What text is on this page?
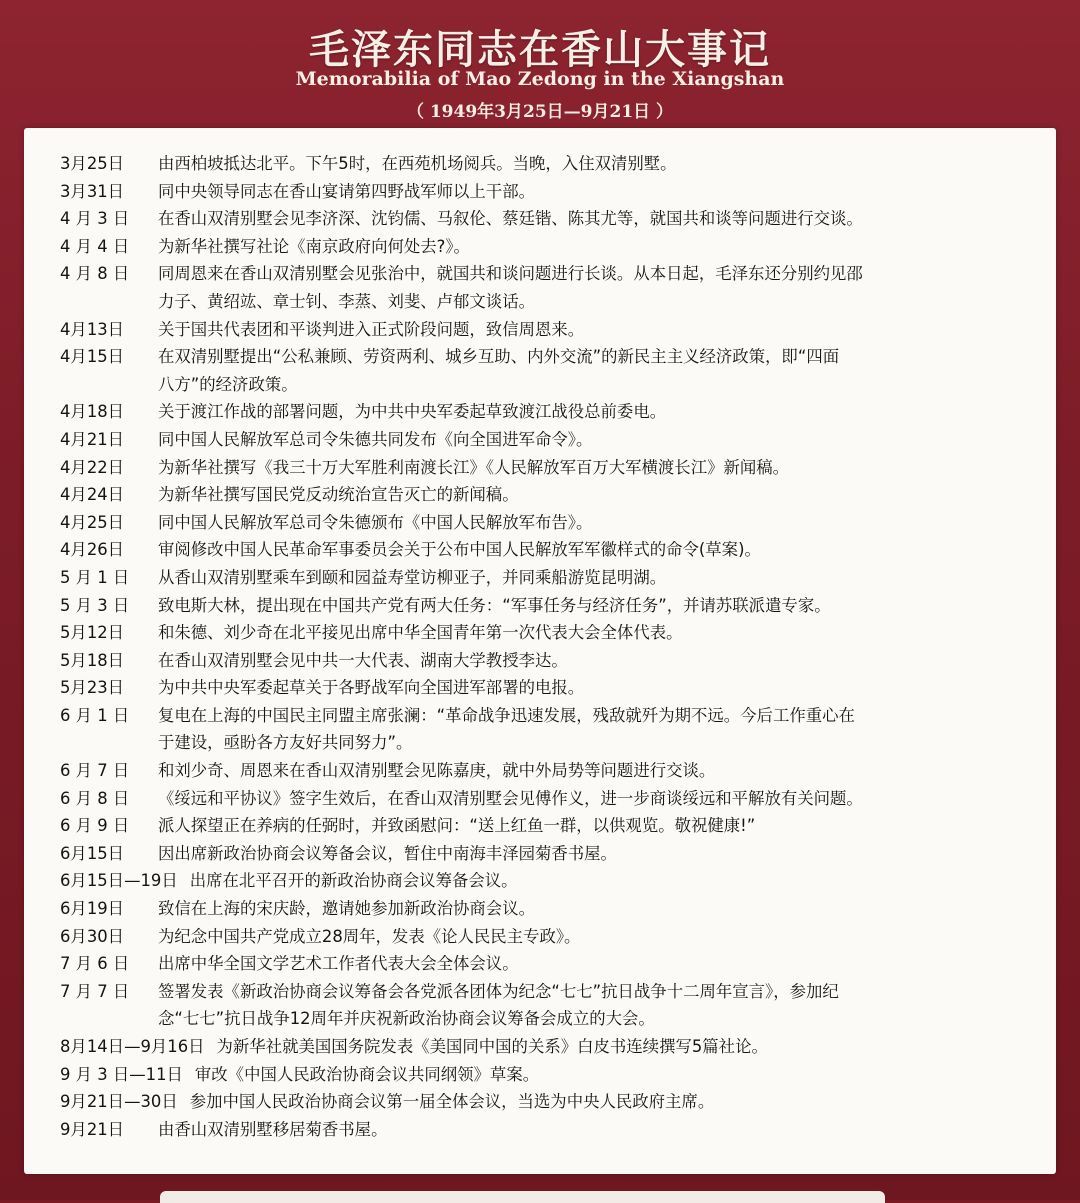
毛泽东同志在香山大事记
Memorabilia of Mao Zedong in the Xiangshan
（ 1949年3月25日—9月21日 ）
3月25日 由西柏坡抵达北平。下午5时，在西苑机场阅兵。当晚，入住双清别墅。
3月31日 同中央领导同志在香山宴请第四野战军师以上干部。
4 月 3 日 在香山双清别墅会见李济深、沈钧儒、马叙伦、蔡廷锴、陈其尤等，就国共和谈等问题进行交谈。
4 月 4 日 为新华社撰写社论《南京政府向何处去?》。
4 月 8 日 同周恩来在香山双清别墅会见张治中，就国共和谈问题进行长谈。从本日起，毛泽东还分别约见邵
力子、黄绍竑、章士钊、李蒸、刘斐、卢郁文谈话。
4月13日 关于国共代表团和平谈判进入正式阶段问题，致信周恩来。
4月15日 在双清别墅提出“公私兼顾、劳资两利、城乡互助、内外交流”的新民主主义经济政策，即“四面
八方”的经济政策。
4月18日 关于渡江作战的部署问题，为中共中央军委起草致渡江战役总前委电。
4月21日 同中国人民解放军总司令朱德共同发布《向全国进军命令》。
4月22日 为新华社撰写《我三十万大军胜利南渡长江》《人民解放军百万大军横渡长江》新闻稿。
4月24日 为新华社撰写国民党反动统治宣告灭亡的新闻稿。
4月25日 同中国人民解放军总司令朱德颁布《中国人民解放军布告》。
4月26日 审阅修改中国人民革命军事委员会关于公布中国人民解放军军徽样式的命令(草案)。
5 月 1 日 从香山双清别墅乘车到颐和园益寿堂访柳亚子，并同乘船游览昆明湖。
5 月 3 日 致电斯大林，提出现在中国共产党有两大任务：“军事任务与经济任务”，并请苏联派遣专家。
5月12日 和朱德、刘少奇在北平接见出席中华全国青年第一次代表大会全体代表。
5月18日 在香山双清别墅会见中共一大代表、湖南大学教授李达。
5月23日 为中共中央军委起草关于各野战军向全国进军部署的电报。
6 月 1 日 复电在上海的中国民主同盟主席张澜：“革命战争迅速发展，残敌就歼为期不远。今后工作重心在
于建设，亟盼各方友好共同努力”。
6 月 7 日 和刘少奇、周恩来在香山双清别墅会见陈嘉庚，就中外局势等问题进行交谈。
6 月 8 日 《绥远和平协议》签字生效后，在香山双清别墅会见傅作义，进一步商谈绥远和平解放有关问题。
6 月 9 日 派人探望正在养病的任弼时，并致函慰问：“送上红鱼一群，以供观览。敬祝健康!”
6月15日 因出席新政治协商会议筹备会议，暂住中南海丰泽园菊香书屋。
6月15日—19日 出席在北平召开的新政治协商会议筹备会议。
6月19日 致信在上海的宋庆龄，邀请她参加新政治协商会议。
6月30日 为纪念中国共产党成立28周年，发表《论人民民主专政》。
7 月 6 日 出席中华全国文学艺术工作者代表大会全体会议。
7 月 7 日 签署发表《新政治协商会议筹备会各党派各团体为纪念“七七”抗日战争十二周年宣言》，参加纪
念“七七”抗日战争12周年并庆祝新政治协商会议筹备会成立的大会。
8月14日—9月16日 为新华社就美国国务院发表《美国同中国的关系》白皮书连续撰写5篇社论。
9 月 3 日—11日 审改《中国人民政治协商会议共同纲领》草案。
9月21日—30日 参加中国人民政治协商会议第一届全体会议，当选为中央人民政府主席。
9月21日 由香山双清别墅移居菊香书屋。
